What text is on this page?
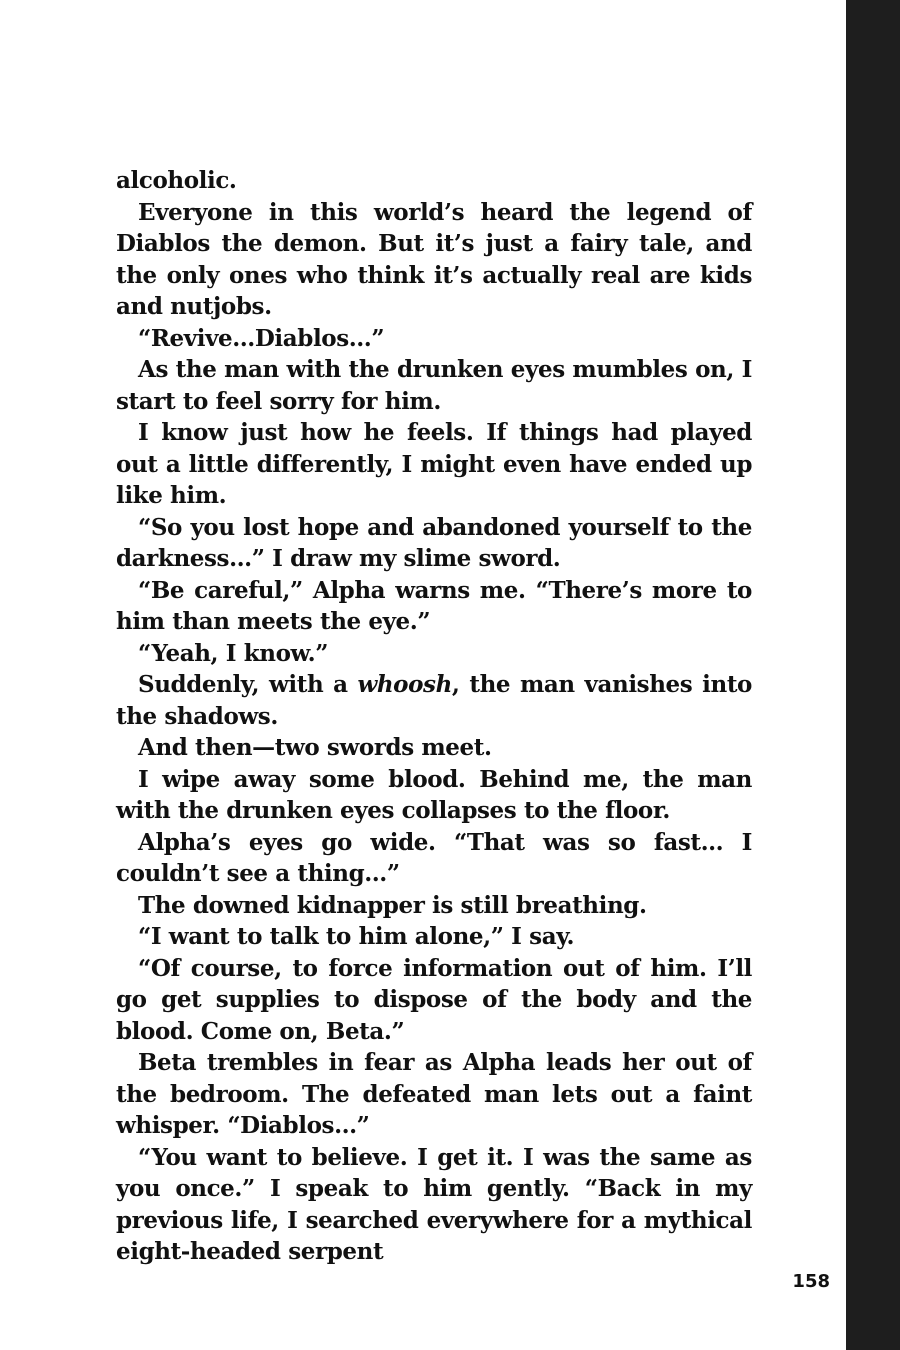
alcoholic.

Everyone in this world’s heard the legend of Diablos the demon. But it’s just a fairy tale, and the only ones who think it’s actually real are kids and nutjobs.

“Revive…Diablos…”

As the man with the drunken eyes mumbles on, I start to feel sorry for him.

I know just how he feels. If things had played out a little differently, I might even have ended up like him.

“So you lost hope and abandoned yourself to the darkness…” I draw my slime sword.

“Be careful,” Alpha warns me. “There’s more to him than meets the eye.”

“Yeah, I know.”

Suddenly, with a whoosh, the man vanishes into the shadows.

And then—two swords meet.

I wipe away some blood. Behind me, the man with the drunken eyes collapses to the floor.

Alpha’s eyes go wide. “That was so fast… I couldn’t see a thing…”

The downed kidnapper is still breathing.

“I want to talk to him alone,” I say.

“Of course, to force information out of him. I’ll go get supplies to dispose of the body and the blood. Come on, Beta.”

Beta trembles in fear as Alpha leads her out of the bedroom. The defeated man lets out a faint whisper. “Diablos…”

“You want to believe. I get it. I was the same as you once.” I speak to him gently. “Back in my previous life, I searched everywhere for a mythical eight-headed serpent

158
